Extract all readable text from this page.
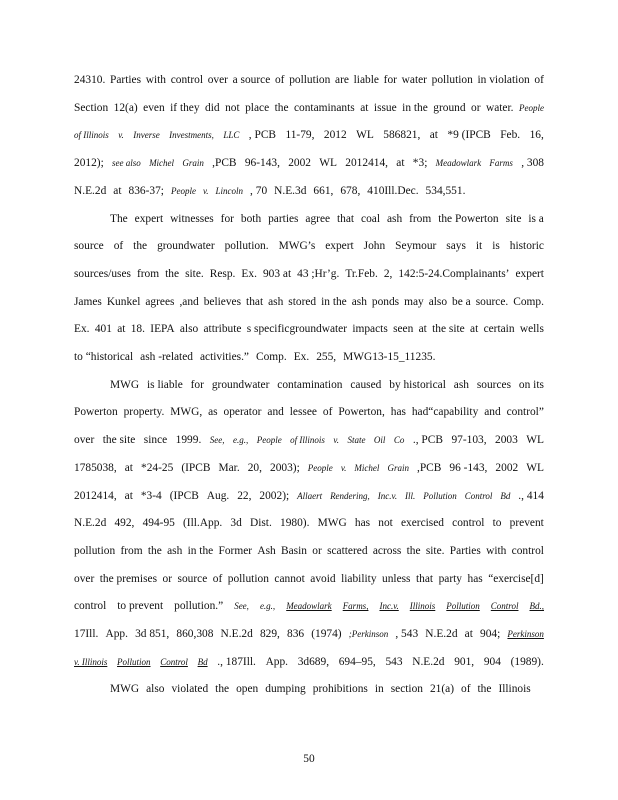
24310. Parties with control over a source of pollution are liable for water pollution in violation of
Section 12(a) even if they did not place the contaminants at issue in the ground or water. People
of Illinois v. Inverse Investments, LLC , PCB 11-79, 2012 WL 586821, at *9 (IPCB Feb. 16,
2012); see also Michel Grain ,PCB 96-143, 2002 WL 2012414, at *3; Meadowlark Farms , 308
N.E.2d at 836-37; People v. Lincoln , 70 N.E.3d 661, 678, 410Ill.Dec. 534,551.
The expert witnesses for both parties agree that coal ash from the Powerton site is a
source of the groundwater pollution. MWG’s expert John Seymour says it is historic
sources/uses from the site. Resp. Ex. 903 at 43 ;Hr’g. Tr.Feb. 2, 142:5-24.Complainants’ expert
James Kunkel agrees ,and believes that ash stored in the ash ponds may also be a source. Comp.
Ex. 401 at 18. IEPA also attribute s specificgroundwater impacts seen at the site at certain wells
to “historical ash -related activities.” Comp. Ex. 255, MWG13-15_11235.
MWG is liable for groundwater contamination caused by historical ash sources on its
Powerton property. MWG, as operator and lessee of Powerton, has had“capability and control”
over the site since 1999. See, e.g., People of Illinois v. State Oil Co ., PCB 97-103, 2003 WL
1785038, at *24-25 (IPCB Mar. 20, 2003); People v. Michel Grain ,PCB 96 -143, 2002 WL
2012414, at *3-4 (IPCB Aug. 22, 2002); Allaert Rendering, Inc.v. Ill. Pollution Control Bd ., 414
N.E.2d 492, 494-95 (Ill.App. 3d Dist. 1980). MWG has not exercised control to prevent
pollution from the ash in the Former Ash Basin or scattered across the site. Parties with control
over the premises or source of pollution cannot avoid liability unless that party has “exercise[d]
control to prevent pollution.” See, e.g., Meadowlark Farms, Inc.v. Illinois Pollution Control Bd.,
17Ill. App. 3d 851, 860,308 N.E.2d 829, 836 (1974) ;Perkinson , 543 N.E.2d at 904; Perkinson
v. Illinois Pollution Control Bd ., 187Ill. App. 3d689, 694–95, 543 N.E.2d 901, 904 (1989).
MWG also violated the open dumping prohibitions in section 21(a) of the Illinois
50
